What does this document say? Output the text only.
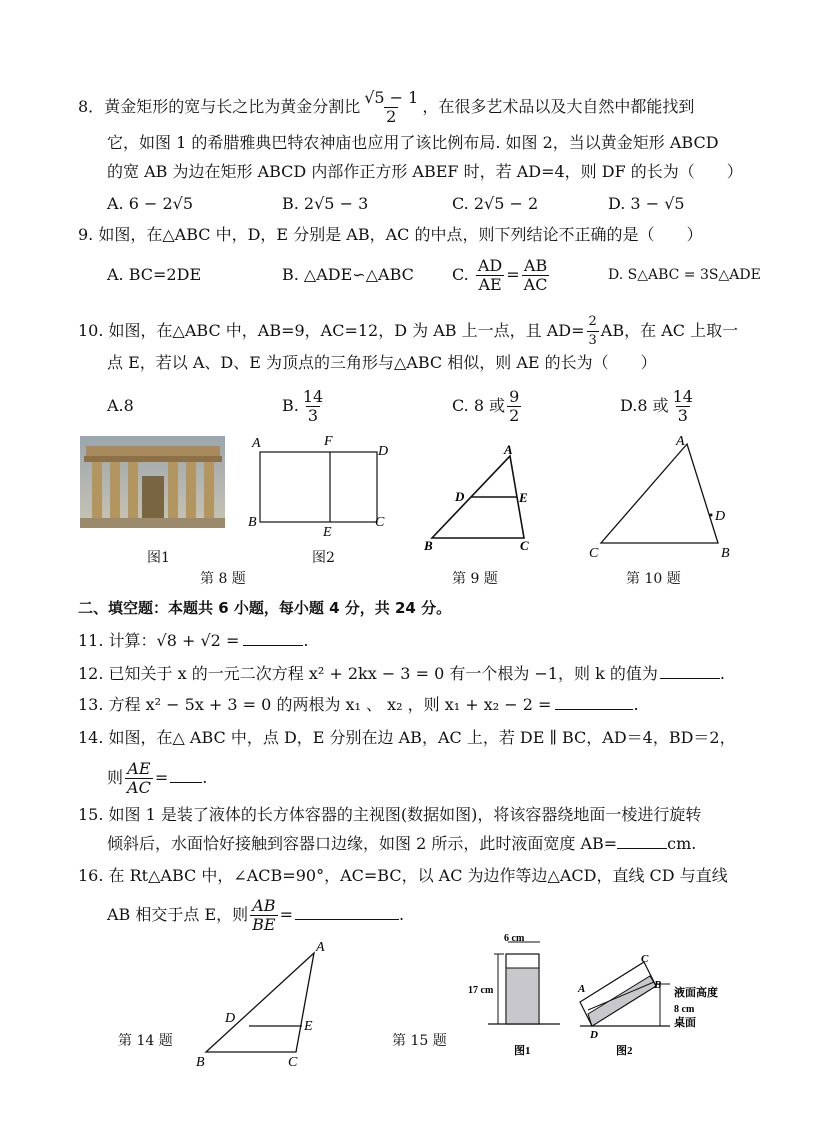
8．黄金矩形的宽与长之比为黄金分割比 $\frac{√5 - 1}{2}$ ，在很多艺术品以及大自然中都能找到
它，如图 1 的希腊雅典巴特农神庙也应用了该比例布局. 如图 2，当以黄金矩形 ABCD
的宽 AB 为边在矩形 ABCD 内部作正方形 ABEF 时，若 AD=4，则 DF 的长为（　　）
A. 6 − 2√5	B. 2√5 − 3	C. 2√5 − 2	D. 3 − √5
9. 如图，在△ABC 中，D，E 分别是 AB，AC 的中点，则下列结论不正确的是（　　）
A. BC=2DE	B. △ADE∽△ABC C. $\frac{AD}{AE} = \frac{AB}{AC}$	D. S△ABC = 3S△ADE
10. 如图，在△ABC 中，AB=9，AC=12，D 为 AB 上一点，且 $AD= \frac{2}{3}$ AB，在 AC 上取一
点 E，若以 A、D、E 为顶点的三角形与△ABC 相似，则 AE 的长为（　　）
A.8	B. $\frac{14}{3}$	C. 8 或 $\frac{9}{2}$	D.8 或 $\frac{14}{3}$
图1
A	F
D
B
E
C
图2
第 8 题
A
D	E
B	C
第 9 题
A
D
C	B
第 10 题
二、填空题：本题共 6 小题，每小题 4 分，共 24 分。
11. 计算：√8 + √2 =	.
12. 已知关于 x 的一元二次方程 x² + 2kx − 3 = 0 有一个根为 −1，则 k 的值为	.
13. 方程 x² − 5x + 3 = 0 的两根为 x₁ 、 x₂ ，则 x₁ + x₂ − 2 =	.
14. 如图，在△ ABC 中，点 D，E 分别在边 AB，AC 上，若 DE ∥ BC，AD＝4，BD＝2，
则 $\frac{AE}{AC}$ = .
15. 如图 1 是装了液体的长方体容器的主视图(数据如图)，将该容器绕地面一棱进行旋转
倾斜后，水面恰好接触到容器口边缘，如图 2 所示，此时液面宽度 AB=	cm.
16. 在 Rt△ABC 中，∠ACB=90°，AC=BC，以 AC 为边作等边△ACD，直线 CD 与直线
AB 相交于点 E，则 $\frac{AB}{BE}$ =	.
第 14 题
A
D
E
B	C
第 15 题
6 cm
17 cm
图1
A
C
B
D
液面高度
8 cm
桌面
图2
